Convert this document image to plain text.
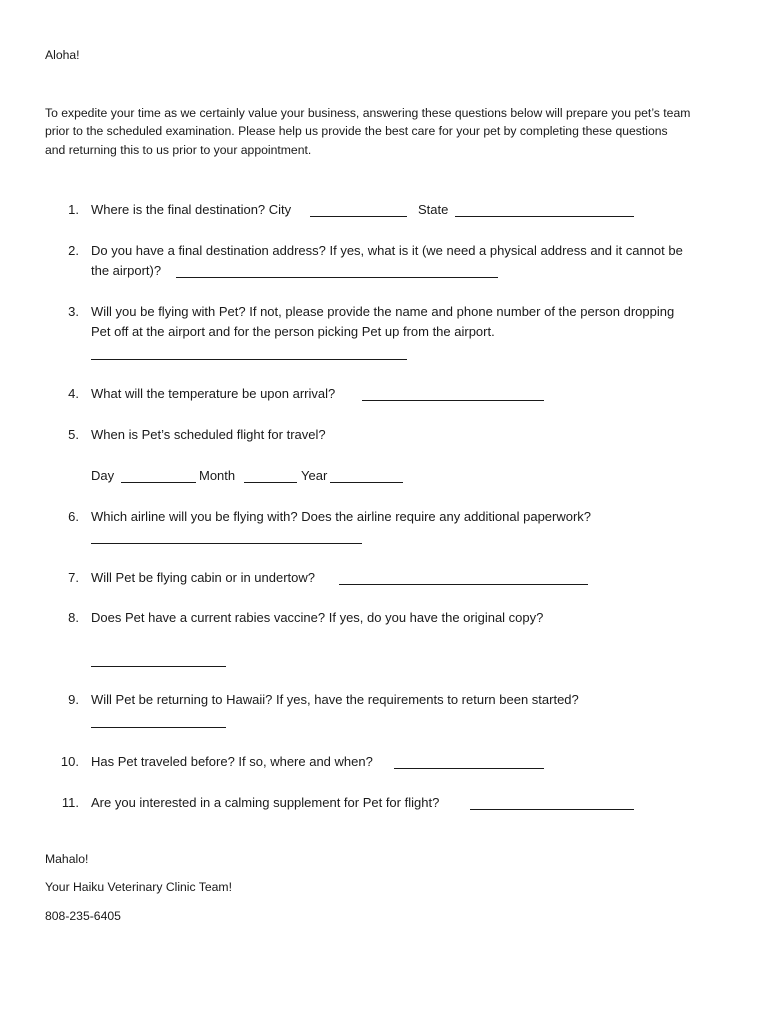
Aloha!
To expedite your time as we certainly value your business, answering these questions below will prepare you pet’s team
prior to the scheduled examination. Please help us provide the best care for your pet by completing these questions
and returning this to us prior to your appointment.
1. Where is the final destination? City	State
2. Do you have a final destination address? If yes, what is it (we need a physical address and it cannot be
the airport)?
3. Will you be flying with Pet? If not, please provide the name and phone number of the person dropping
Pet off at the airport and for the person picking Pet up from the airport.
4. What will the temperature be upon arrival?
5. When is Pet’s scheduled flight for travel?
Day	Month	Year
6. Which airline will you be flying with? Does the airline require any additional paperwork?
7. Will Pet be flying cabin or in undertow?
8. Does Pet have a current rabies vaccine? If yes, do you have the original copy?
9. Will Pet be returning to Hawaii? If yes, have the requirements to return been started?
10. Has Pet traveled before? If so, where and when?
11. Are you interested in a calming supplement for Pet for flight?
Mahalo!
Your Haiku Veterinary Clinic Team!
808-235-6405
